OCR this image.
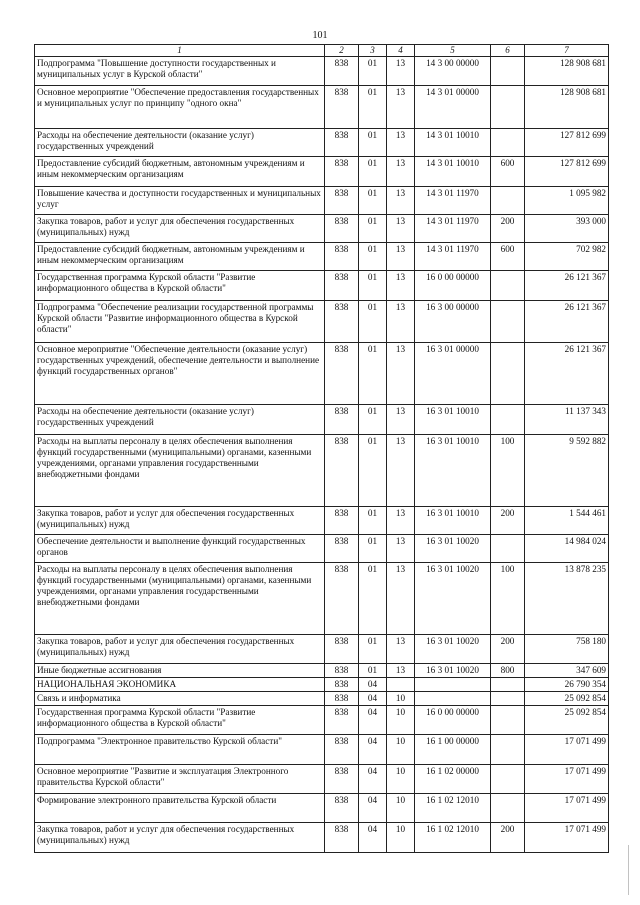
101
1	2	3	4	5	6	7
Подпрограмма "Повышение доступности государственных и муниципальных услуг в Курской области"	838	01	13	14 3 00 00000		128 908 681
Основное мероприятие "Обеспечение предоставления государственных и муниципальных услуг по принципу "одного окна"	838	01	13	14 3 01 00000		128 908 681
Расходы на обеспечение деятельности (оказание услуг) государственных учреждений	838	01	13	14 3 01 10010		127 812 699
Предоставление субсидий бюджетным, автономным учреждениям и иным некоммерческим организациям	838	01	13	14 3 01 10010	600	127 812 699
Повышение качества и доступности государственных и муниципальных услуг	838	01	13	14 3 01 11970		1 095 982
Закупка товаров, работ и услуг для обеспечения государственных (муниципальных) нужд	838	01	13	14 3 01 11970	200	393 000
Предоставление субсидий бюджетным, автономным учреждениям и иным некоммерческим организациям	838	01	13	14 3 01 11970	600	702 982
Государственная программа Курской области "Развитие информационного общества в Курской области"	838	01	13	16 0 00 00000		26 121 367
Подпрограмма "Обеспечение реализации государственной программы Курской области "Развитие информационного общества в Курской области"	838	01	13	16 3 00 00000		26 121 367
Основное мероприятие "Обеспечение деятельности (оказание услуг) государственных учреждений, обеспечение деятельности и выполнение функций государственных органов"	838	01	13	16 3 01 00000		26 121 367
Расходы на обеспечение деятельности (оказание услуг) государственных учреждений	838	01	13	16 3 01 10010		11 137 343
Расходы на выплаты персоналу в целях обеспечения выполнения функций государственными (муниципальными) органами, казенными учреждениями, органами управления государственными внебюджетными фондами	838	01	13	16 3 01 10010	100	9 592 882
Закупка товаров, работ и услуг для обеспечения государственных (муниципальных) нужд	838	01	13	16 3 01 10010	200	1 544 461
Обеспечение деятельности и выполнение функций государственных органов	838	01	13	16 3 01 10020		14 984 024
Расходы на выплаты персоналу в целях обеспечения выполнения функций государственными (муниципальными) органами, казенными учреждениями, органами управления государственными внебюджетными фондами	838	01	13	16 3 01 10020	100	13 878 235
Закупка товаров, работ и услуг для обеспечения государственных (муниципальных) нужд	838	01	13	16 3 01 10020	200	758 180
Иные бюджетные ассигнования	838	01	13	16 3 01 10020	800	347 609
НАЦИОНАЛЬНАЯ ЭКОНОМИКА	838	04				26 790 354
Связь и информатика	838	04	10			25 092 854
Государственная программа Курской области "Развитие информационного общества в Курской области"	838	04	10	16 0 00 00000		25 092 854
Подпрограмма "Электронное правительство Курской области"	838	04	10	16 1 00 00000		17 071 499
Основное мероприятие "Развитие и эксплуатация Электронного правительства Курской области"	838	04	10	16 1 02 00000		17 071 499
Формирование электронного правительства Курской области	838	04	10	16 1 02 12010		17 071 499
Закупка товаров, работ и услуг для обеспечения государственных (муниципальных) нужд	838	04	10	16 1 02 12010	200	17 071 499
